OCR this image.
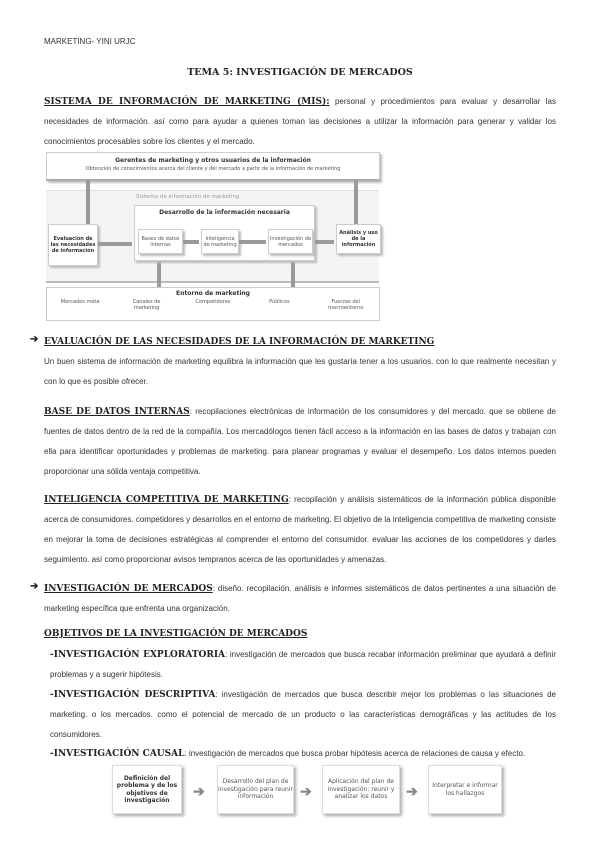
MARKETING- YINI URJC
TEMA 5: INVESTIGACIÓN DE MERCADOS
SISTEMA DE INFORMACIÓN DE MARKETING (MIS): personal y procedimientos para evaluar y desarrollar las necesidades de información. así como para ayudar a quienes toman las decisiones a utilizar la información para generar y validar los conocimientos procesables sobre los clientes y el mercado.
Sistema de información de marketing
Gerentes de marketing y otros usuarios de la información
Obtención de conocimientos acerca del cliente y del mercado a partir de la información de marketing
Evaluación de las necesidades de información
Desarrollo de la información necesaria
Bases de datos internas
Inteligencia de marketing
Investigación de mercados
Análisis y uso de la información
Entorno de marketing
Mercados meta	Canales de marketing
Competidores	Públicos	Fuerzas del macroentorno
➔ EVALUACIÓN DE LAS NECESIDADES DE LA INFORMACIÓN DE MARKETING
Un buen sistema de información de marketing equilibra la información que les gustaría tener a los usuarios. con lo que realmente necesitan y con lo que es posible ofrecer.
BASE DE DATOS INTERNAS: recopilaciones electrónicas de información de los consumidores y del mercado. que se obtiene de fuentes de datos dentro de la red de la compañía. Los mercadólogos tienen fácil acceso a la información en las bases de datos y trabajan con ella para identificar oportunidades y problemas de marketing. para planear programas y evaluar el desempeño. Los datos internos pueden proporcionar una sólida ventaja competitiva.
INTELIGENCIA COMPETITIVA DE MARKETING: recopilación y análisis sistemáticos de la información pública disponible acerca de consumidores. competidores y desarrollos en el entorno de marketing. El objetivo de la inteligencia competitiva de marketing consiste en mejorar la toma de decisiones estratégicas al comprender el entorno del consumidor. evaluar las acciones de los competidores y darles seguimiento. así como proporcionar avisos tempranos acerca de las oportunidades y amenazas.
➔ INVESTIGACIÓN DE MERCADOS: diseño. recopilación. análisis e informes sistemáticos de datos pertinentes a una situación de marketing específica que enfrenta una organización.
OBJETIVOS DE LA INVESTIGACIÓN DE MERCADOS

-INVESTIGACIÓN EXPLORATORIA: investigación de mercados que busca recabar información preliminar que ayudará a definir problemas y a sugerir hipótesis.
-INVESTIGACIÓN DESCRIPTIVA: investigación de mercados que busca describir mejor los problemas o las situaciones de marketing. o los mercados. como el potencial de mercado de un producto o las características demográficas y las actitudes de los consumidores.
-INVESTIGACIÓN CAUSAL: investigación de mercados que busca probar hipótesis acerca de relaciones de causa y efecto.
Definición del problema y de los objetivos de investigación
➔
Desarrollo del plan de investigación para reunir información	➔
Aplicación del plan de investigación: reunir y analizar los datos	➔	Interpretar e informar los hallazgos
